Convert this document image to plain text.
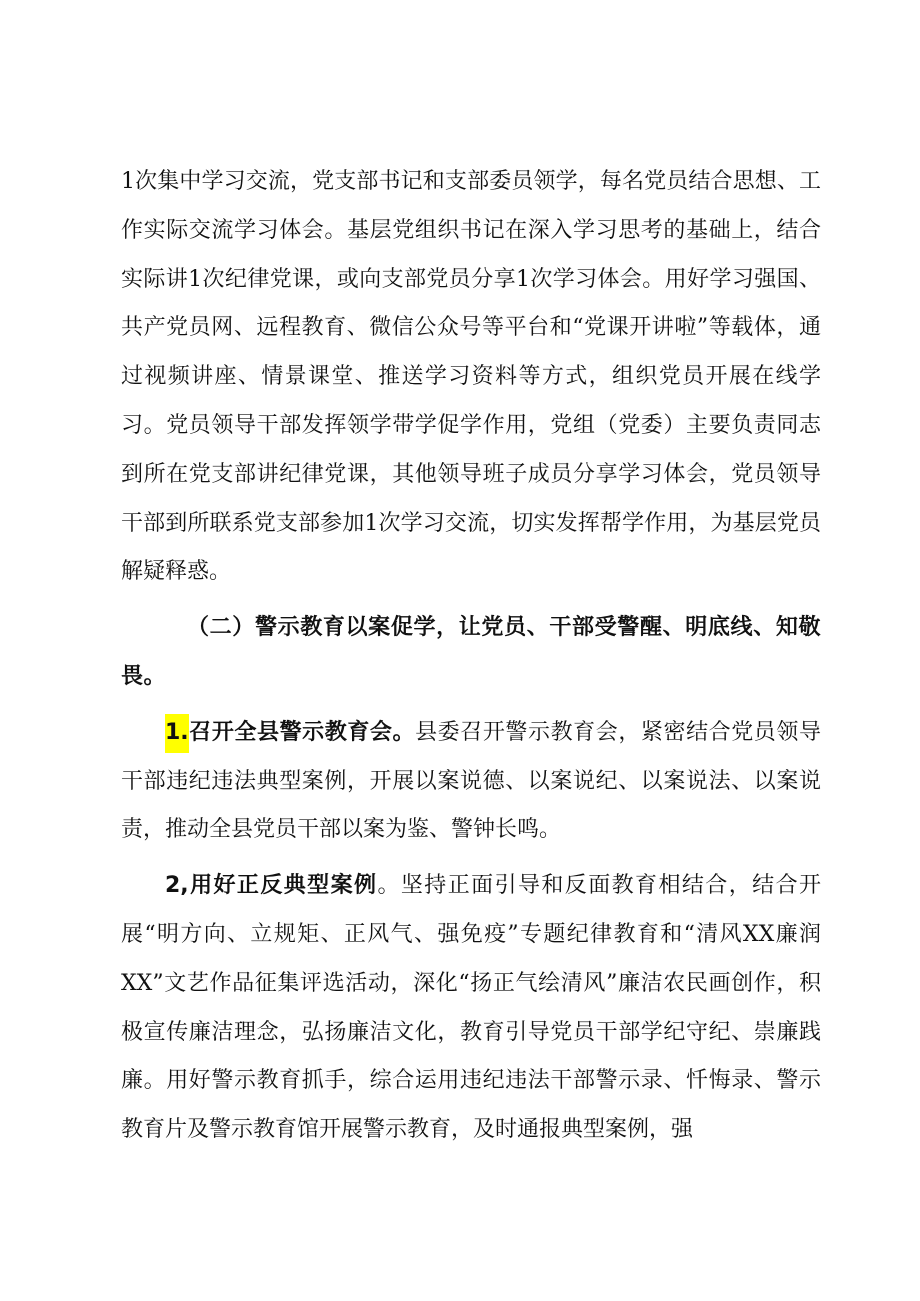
1次集中学习交流，党支部书记和支部委员领学，每名党员结合思想、工作实际交流学习体会。基层党组织书记在深入学习思考的基础上，结合实际讲1次纪律党课，或向支部党员分享1次学习体会。用好学习强国、共产党员网、远程教育、微信公众号等平台和“党课开讲啦”等载体，通过视频讲座、情景课堂、推送学习资料等方式，组织党员开展在线学习。党员领导干部发挥领学带学促学作用，党组（党委）主要负责同志到所在党支部讲纪律党课，其他领导班子成员分享学习体会，党员领导干部到所联系党支部参加1次学习交流，切实发挥帮学作用，为基层党员解疑释惑。

（二）警示教育以案促学，让党员、干部受警醒、明底线、知敬畏。

1.召开全县警示教育会。县委召开警示教育会，紧密结合党员领导干部违纪违法典型案例，开展以案说德、以案说纪、以案说法、以案说责，推动全县党员干部以案为鉴、警钟长鸣。

2,用好正反典型案例。坚持正面引导和反面教育相结合，结合开展“明方向、立规矩、正风气、强免疫”专题纪律教育和“清风XX廉润XX”文艺作品征集评选活动，深化“扬正气绘清风”廉洁农民画创作，积极宣传廉洁理念，弘扬廉洁文化，教育引导党员干部学纪守纪、崇廉践廉。用好警示教育抓手，综合运用违纪违法干部警示录、忏悔录、警示教育片及警示教育馆开展警示教育，及时通报典型案例，强
